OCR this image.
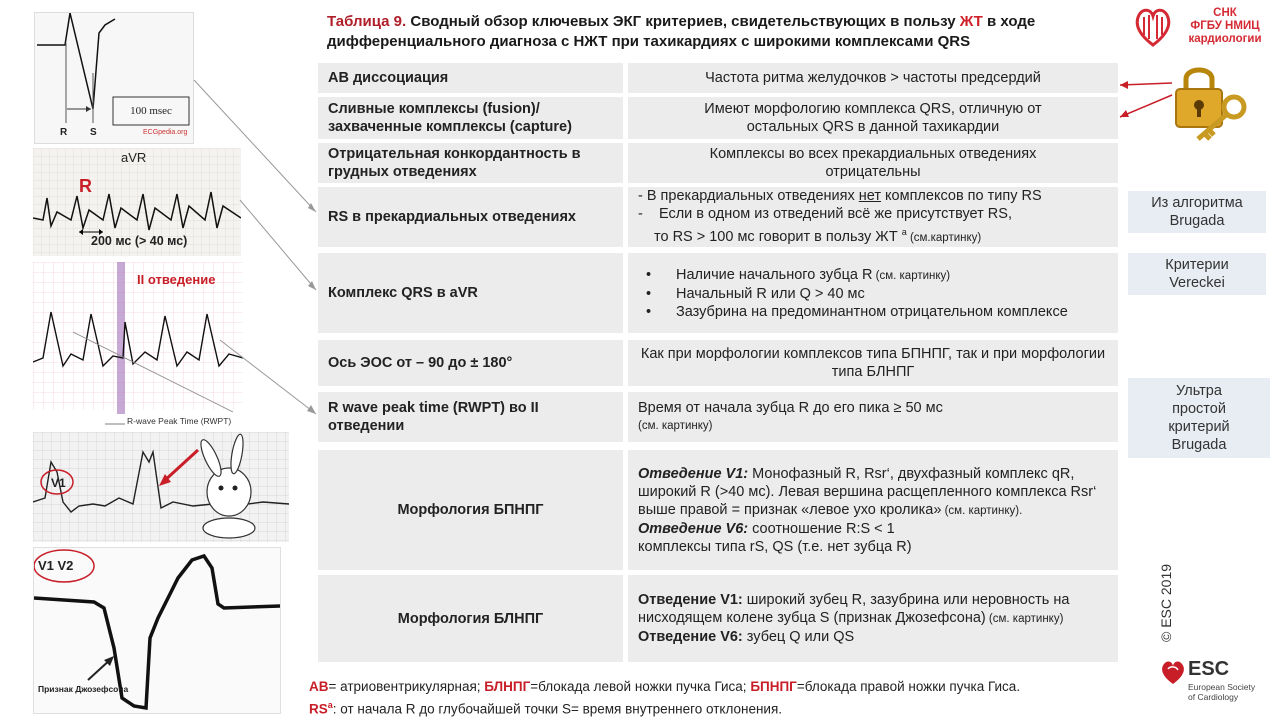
Таблица 9. Сводный обзор ключевых ЭКГ критериев, свидетельствующих в пользу ЖТ в ходе
дифференциального диагноза с НЖТ при тахикардиях с широкими комплексами QRS
СНК
ФГБУ НМИЦ
кардиологии
АВ диссоциация	Частота ритма желудочков > частоты предсердий
Сливные комплексы (fusion)/ захваченные комплексы (capture)
Имеют морфологию комплекса QRS, отличную от остальных QRS в данной тахикардии
Отрицательная конкордантность в грудных отведениях
Комплексы во всех прекардиальных отведениях отрицательны
RS в прекардиальных отведениях
- В прекардиальных отведениях нет комплексов по типу RS
-    Если в одном из отведений всё же присутствует RS,
то RS > 100 мс говорит в пользу ЖТ $^a$ (см.картинку)
Комплекс QRS в aVR
• Наличие начального зубца R (см. картинку)
• Начальный R или Q > 40 мс
• Зазубрина на предоминантном отрицательном комплексе
Ось ЭОС от – 90 до ± 180°
Как при морфологии комплексов типа БПНПГ, так и при морфологии типа БЛНПГ
R wave peak time (RWPT) во II отведении
Время от начала зубца R до его пика ≥ 50 мс
(см. картинку)
Морфология БПНПГ
Отведение V1: Монофазный R, Rsr‘, двухфазный комплекс qR, широкий R (>40 мс). Левая вершина расщепленного комплекса Rsr‘ выше правой = признак «левое ухо кролика» (см. картинку).
Отведение V6: соотношение R:S < 1
комплексы типа rS, QS (т.е. нет зубца R)
Морфология БЛНПГ
Отведение V1: широкий зубец R, зазубрина или неровность на нисходящем колене зубца S (признак Джозефсона) (см. картинку)
Отведение V6: зубец Q или QS
Из алгоритма Brugada
Критерии Vereckei
Ультра простой критерий Brugada
100 msec
R S	ECGpedia.org
aVR
R
200 мс (> 40 мс)
II отведение
R-wave Peak Time (RWPT)
V1
V1 V2
Признак Джозефсона
© ESC 2019
ESC
European Society
of Cardiology
АВ= атриовентрикулярная; БЛНПГ=блокада левой ножки пучка Гиса; БПНПГ=блокада правой ножки пучка Гиса.
$RS^a$: от начала R до глубочайшей точки S= время внутреннего отклонения.
